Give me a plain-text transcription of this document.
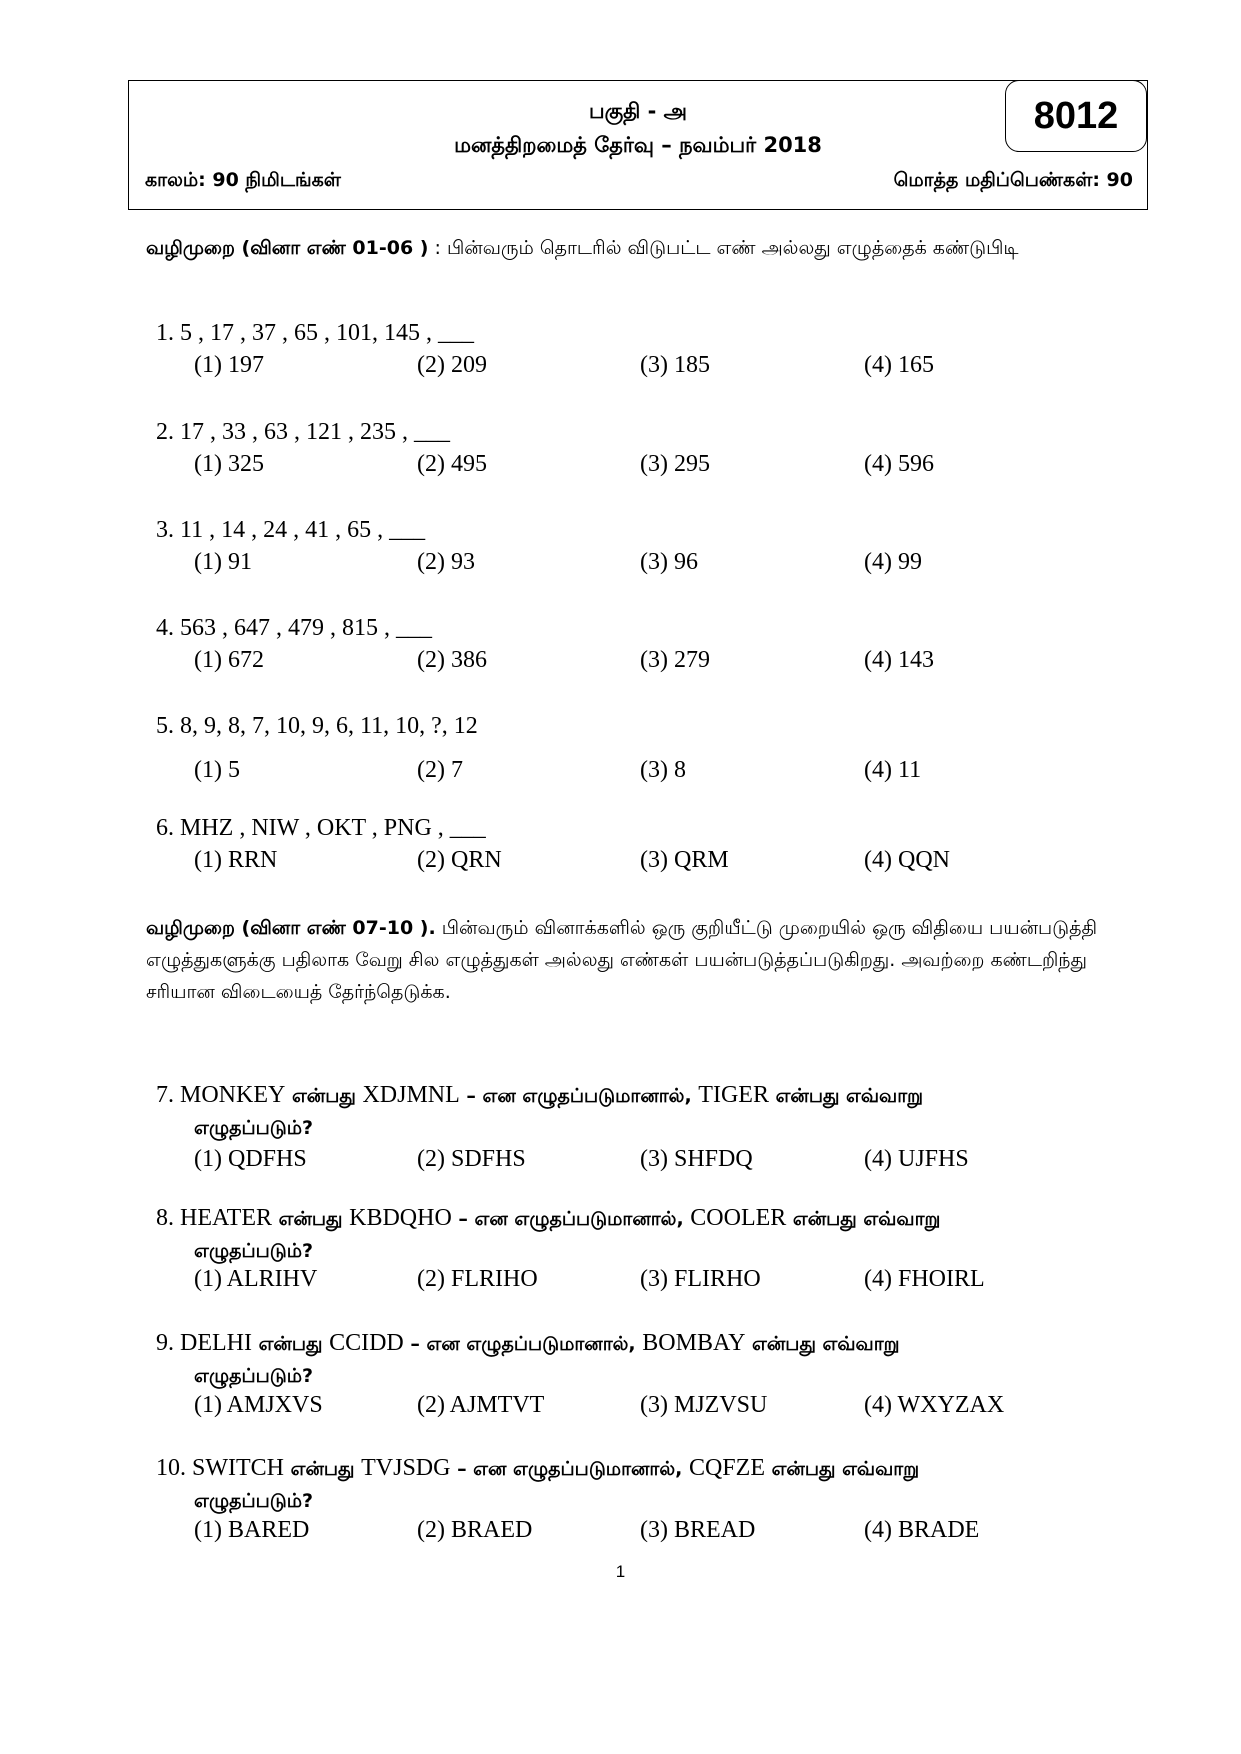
பகுதி - அ
மனத்திறமைத் தேர்வு – நவம்பர் 2018
காலம்: 90 நிமிடங்கள்	மொத்த மதிப்பெண்கள்: 90
8012
வழிமுறை (வினா எண் 01-06 ) : பின்வரும் தொடரில் விடுபட்ட எண் அல்லது எழுத்தைக் கண்டுபிடி
1. 5 , 17 , 37 , 65 , 101, 145 , ___
(1) 197	(2) 209	(3) 185	(4) 165
2. 17 , 33 , 63 , 121 , 235 , ___
(1) 325	(2) 495	(3) 295	(4) 596
3. 11 , 14 , 24 , 41 , 65 , ___
(1) 91	(2) 93	(3) 96	(4) 99
4. 563 , 647 , 479 , 815 , ___
(1) 672	(2) 386	(3) 279	(4) 143
5. 8, 9, 8, 7, 10, 9, 6, 11, 10, ?, 12
(1) 5	(2) 7	(3) 8	(4) 11
6. MHZ , NIW , OKT , PNG , ___
(1) RRN	(2) QRN	(3) QRM	(4) QQN
வழிமுறை (வினா எண் 07-10 ). பின்வரும் வினாக்களில் ஒரு குறியீட்டு முறையில் ஒரு விதியை பயன்படுத்தி எழுத்துகளுக்கு பதிலாக வேறு சில எழுத்துகள் அல்லது எண்கள் பயன்படுத்தப்படுகிறது. அவற்றை கண்டறிந்து சரியான விடையைத் தேர்ந்தெடுக்க.
7. MONKEY என்பது XDJMNL – என எழுதப்படுமானால், TIGER என்பது எவ்வாறு
எழுதப்படும்?
(1) QDFHS	(2) SDFHS	(3) SHFDQ	(4) UJFHS
8. HEATER என்பது KBDQHO – என எழுதப்படுமானால், COOLER என்பது எவ்வாறு
எழுதப்படும்?
(1) ALRIHV	(2) FLRIHO	(3) FLIRHO	(4) FHOIRL
9. DELHI என்பது CCIDD – என எழுதப்படுமானால், BOMBAY என்பது எவ்வாறு
எழுதப்படும்?
(1) AMJXVS	(2) AJMTVT	(3) MJZVSU	(4) WXYZAX
10. SWITCH என்பது TVJSDG – என எழுதப்படுமானால், CQFZE என்பது எவ்வாறு
எழுதப்படும்?
(1) BARED	(2) BRAED	(3) BREAD	(4) BRADE
1
